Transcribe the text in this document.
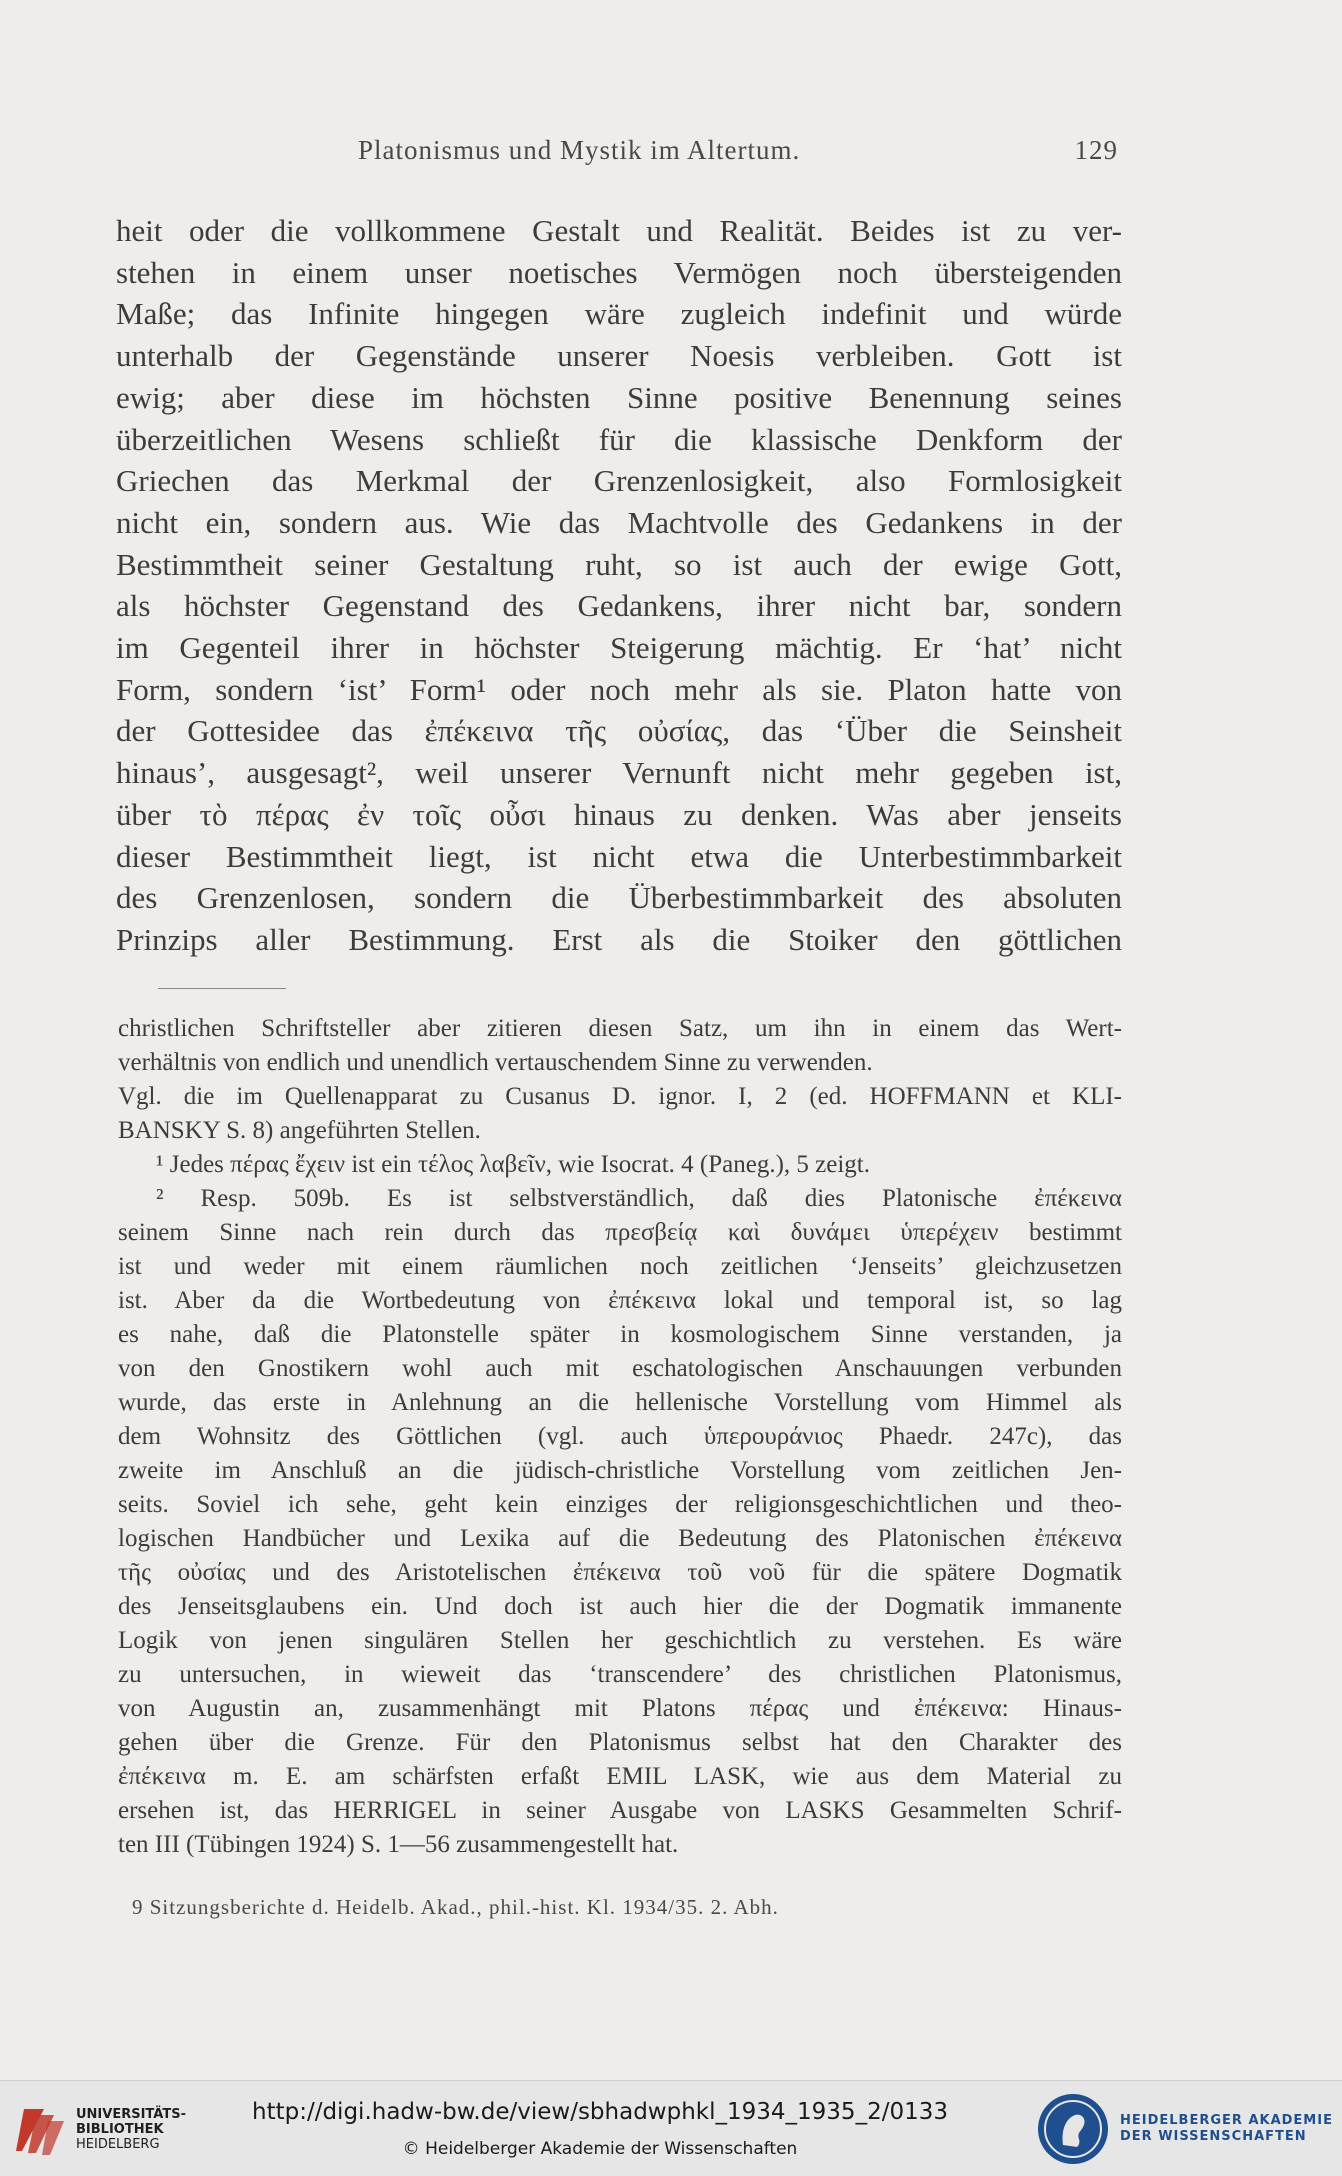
Platonismus und Mystik im Altertum.	129
heit oder die vollkommene Gestalt und Realität. Beides ist zu ver-
stehen in einem unser noetisches Vermögen noch übersteigenden
Maße; das Infinite hingegen wäre zugleich indefinit und würde
unterhalb der Gegenstände unserer Noesis verbleiben. Gott ist
ewig; aber diese im höchsten Sinne positive Benennung seines
überzeitlichen Wesens schließt für die klassische Denkform der
Griechen das Merkmal der Grenzenlosigkeit, also Formlosigkeit
nicht ein, sondern aus. Wie das Machtvolle des Gedankens in der
Bestimmtheit seiner Gestaltung ruht, so ist auch der ewige Gott,
als höchster Gegenstand des Gedankens, ihrer nicht bar, sondern
im Gegenteil ihrer in höchster Steigerung mächtig. Er ‘hat’ nicht
Form, sondern ‘ist’ Form¹ oder noch mehr als sie. Platon hatte von
der Gottesidee das ἐπέκεινα τῆς οὐσίας, das ‘Über die Seinsheit
hinaus’, ausgesagt², weil unserer Vernunft nicht mehr gegeben ist,
über τὸ πέρας ἐν τοῖς οὖσι hinaus zu denken. Was aber jenseits
dieser Bestimmtheit liegt, ist nicht etwa die Unterbestimmbarkeit
des Grenzenlosen, sondern die Überbestimmbarkeit des absoluten
Prinzips aller Bestimmung. Erst als die Stoiker den göttlichen
christlichen Schriftsteller aber zitieren diesen Satz, um ihn in einem das Wert-
verhältnis von endlich und unendlich vertauschendem Sinne zu verwenden.
Vgl. die im Quellenapparat zu Cusanus D. ignor. I, 2 (ed. HOFFMANN et KLI-
BANSKY S. 8) angeführten Stellen.
¹ Jedes πέρας ἔχειν ist ein τέλος λαβεῖν, wie Isocrat. 4 (Paneg.), 5 zeigt.
² Resp. 509b. Es ist selbstverständlich, daß dies Platonische ἐπέκεινα
seinem Sinne nach rein durch das πρεσβείᾳ καὶ δυνάμει ὑπερέχειν bestimmt
ist und weder mit einem räumlichen noch zeitlichen ‘Jenseits’ gleichzusetzen
ist. Aber da die Wortbedeutung von ἐπέκεινα lokal und temporal ist, so lag
es nahe, daß die Platonstelle später in kosmologischem Sinne verstanden, ja
von den Gnostikern wohl auch mit eschatologischen Anschauungen verbunden
wurde, das erste in Anlehnung an die hellenische Vorstellung vom Himmel als
dem Wohnsitz des Göttlichen (vgl. auch ὑπερουράνιος Phaedr. 247c), das
zweite im Anschluß an die jüdisch-christliche Vorstellung vom zeitlichen Jen-
seits. Soviel ich sehe, geht kein einziges der religionsgeschichtlichen und theo-
logischen Handbücher und Lexika auf die Bedeutung des Platonischen ἐπέκεινα
τῆς οὐσίας und des Aristotelischen ἐπέκεινα τοῦ νοῦ für die spätere Dogmatik
des Jenseitsglaubens ein. Und doch ist auch hier die der Dogmatik immanente
Logik von jenen singulären Stellen her geschichtlich zu verstehen. Es wäre
zu untersuchen, in wieweit das ‘transcendere’ des christlichen Platonismus,
von Augustin an, zusammenhängt mit Platons πέρας und ἐπέκεινα: Hinaus-
gehen über die Grenze. Für den Platonismus selbst hat den Charakter des
ἐπέκεινα m. E. am schärfsten erfaßt EMIL LASK, wie aus dem Material zu
ersehen ist, das HERRIGEL in seiner Ausgabe von LASKS Gesammelten Schrif-
ten III (Tübingen 1924) S. 1—56 zusammengestellt hat.
9 Sitzungsberichte d. Heidelb. Akad., phil.-hist. Kl. 1934/35. 2. Abh.
UNIVERSITÄTS-
BIBLIOTHEK
HEIDELBERG
http://digi.hadw-bw.de/view/sbhadwphkl_1934_1935_2/0133
© Heidelberger Akademie der Wissenschaften
HEIDELBERGER AKADEMIE
DER WISSENSCHAFTEN
